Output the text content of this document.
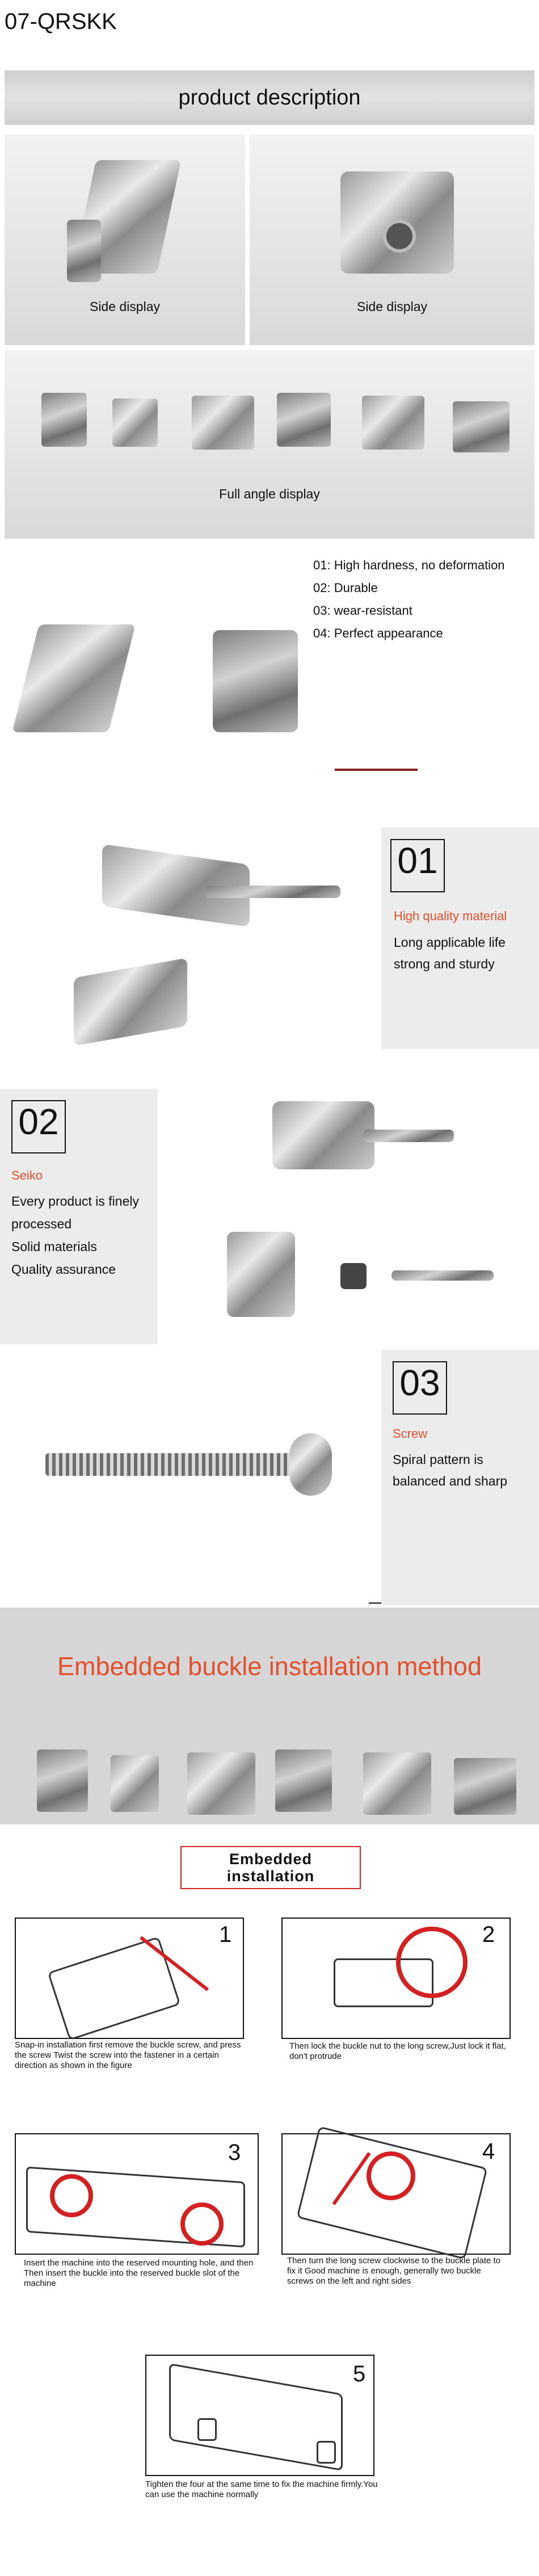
07-QRSKK
product description
Side display	Side display
Full angle display
01: High hardness, no deformation
02: Durable
03: wear-resistant
04: Perfect appearance
01
High quality material
Long applicable life
strong and sturdy
02
Seiko
Every product is finely
processed
Solid materials
Quality assurance
03
Screw
Spiral pattern is
balanced and sharp
Embedded buckle installation method
Embedded
installation
1
Snap-in installation first remove the buckle screw, and press the screw Twist the screw into the fastener in a certain direction as shown in the figure
2
Then lock the buckle nut to the long screw,Just lock it flat, don't protrude
3
Insert the machine into the reserved mounting hole, and then Then insert the buckle into the reserved buckle slot of the machine
4
Then turn the long screw clockwise to the buckle plate to fix it Good machine is enough, generally two buckle screws on the left and right sides
5
Tighten the four at the same time to fix the machine firmly.You can use the machine normally
